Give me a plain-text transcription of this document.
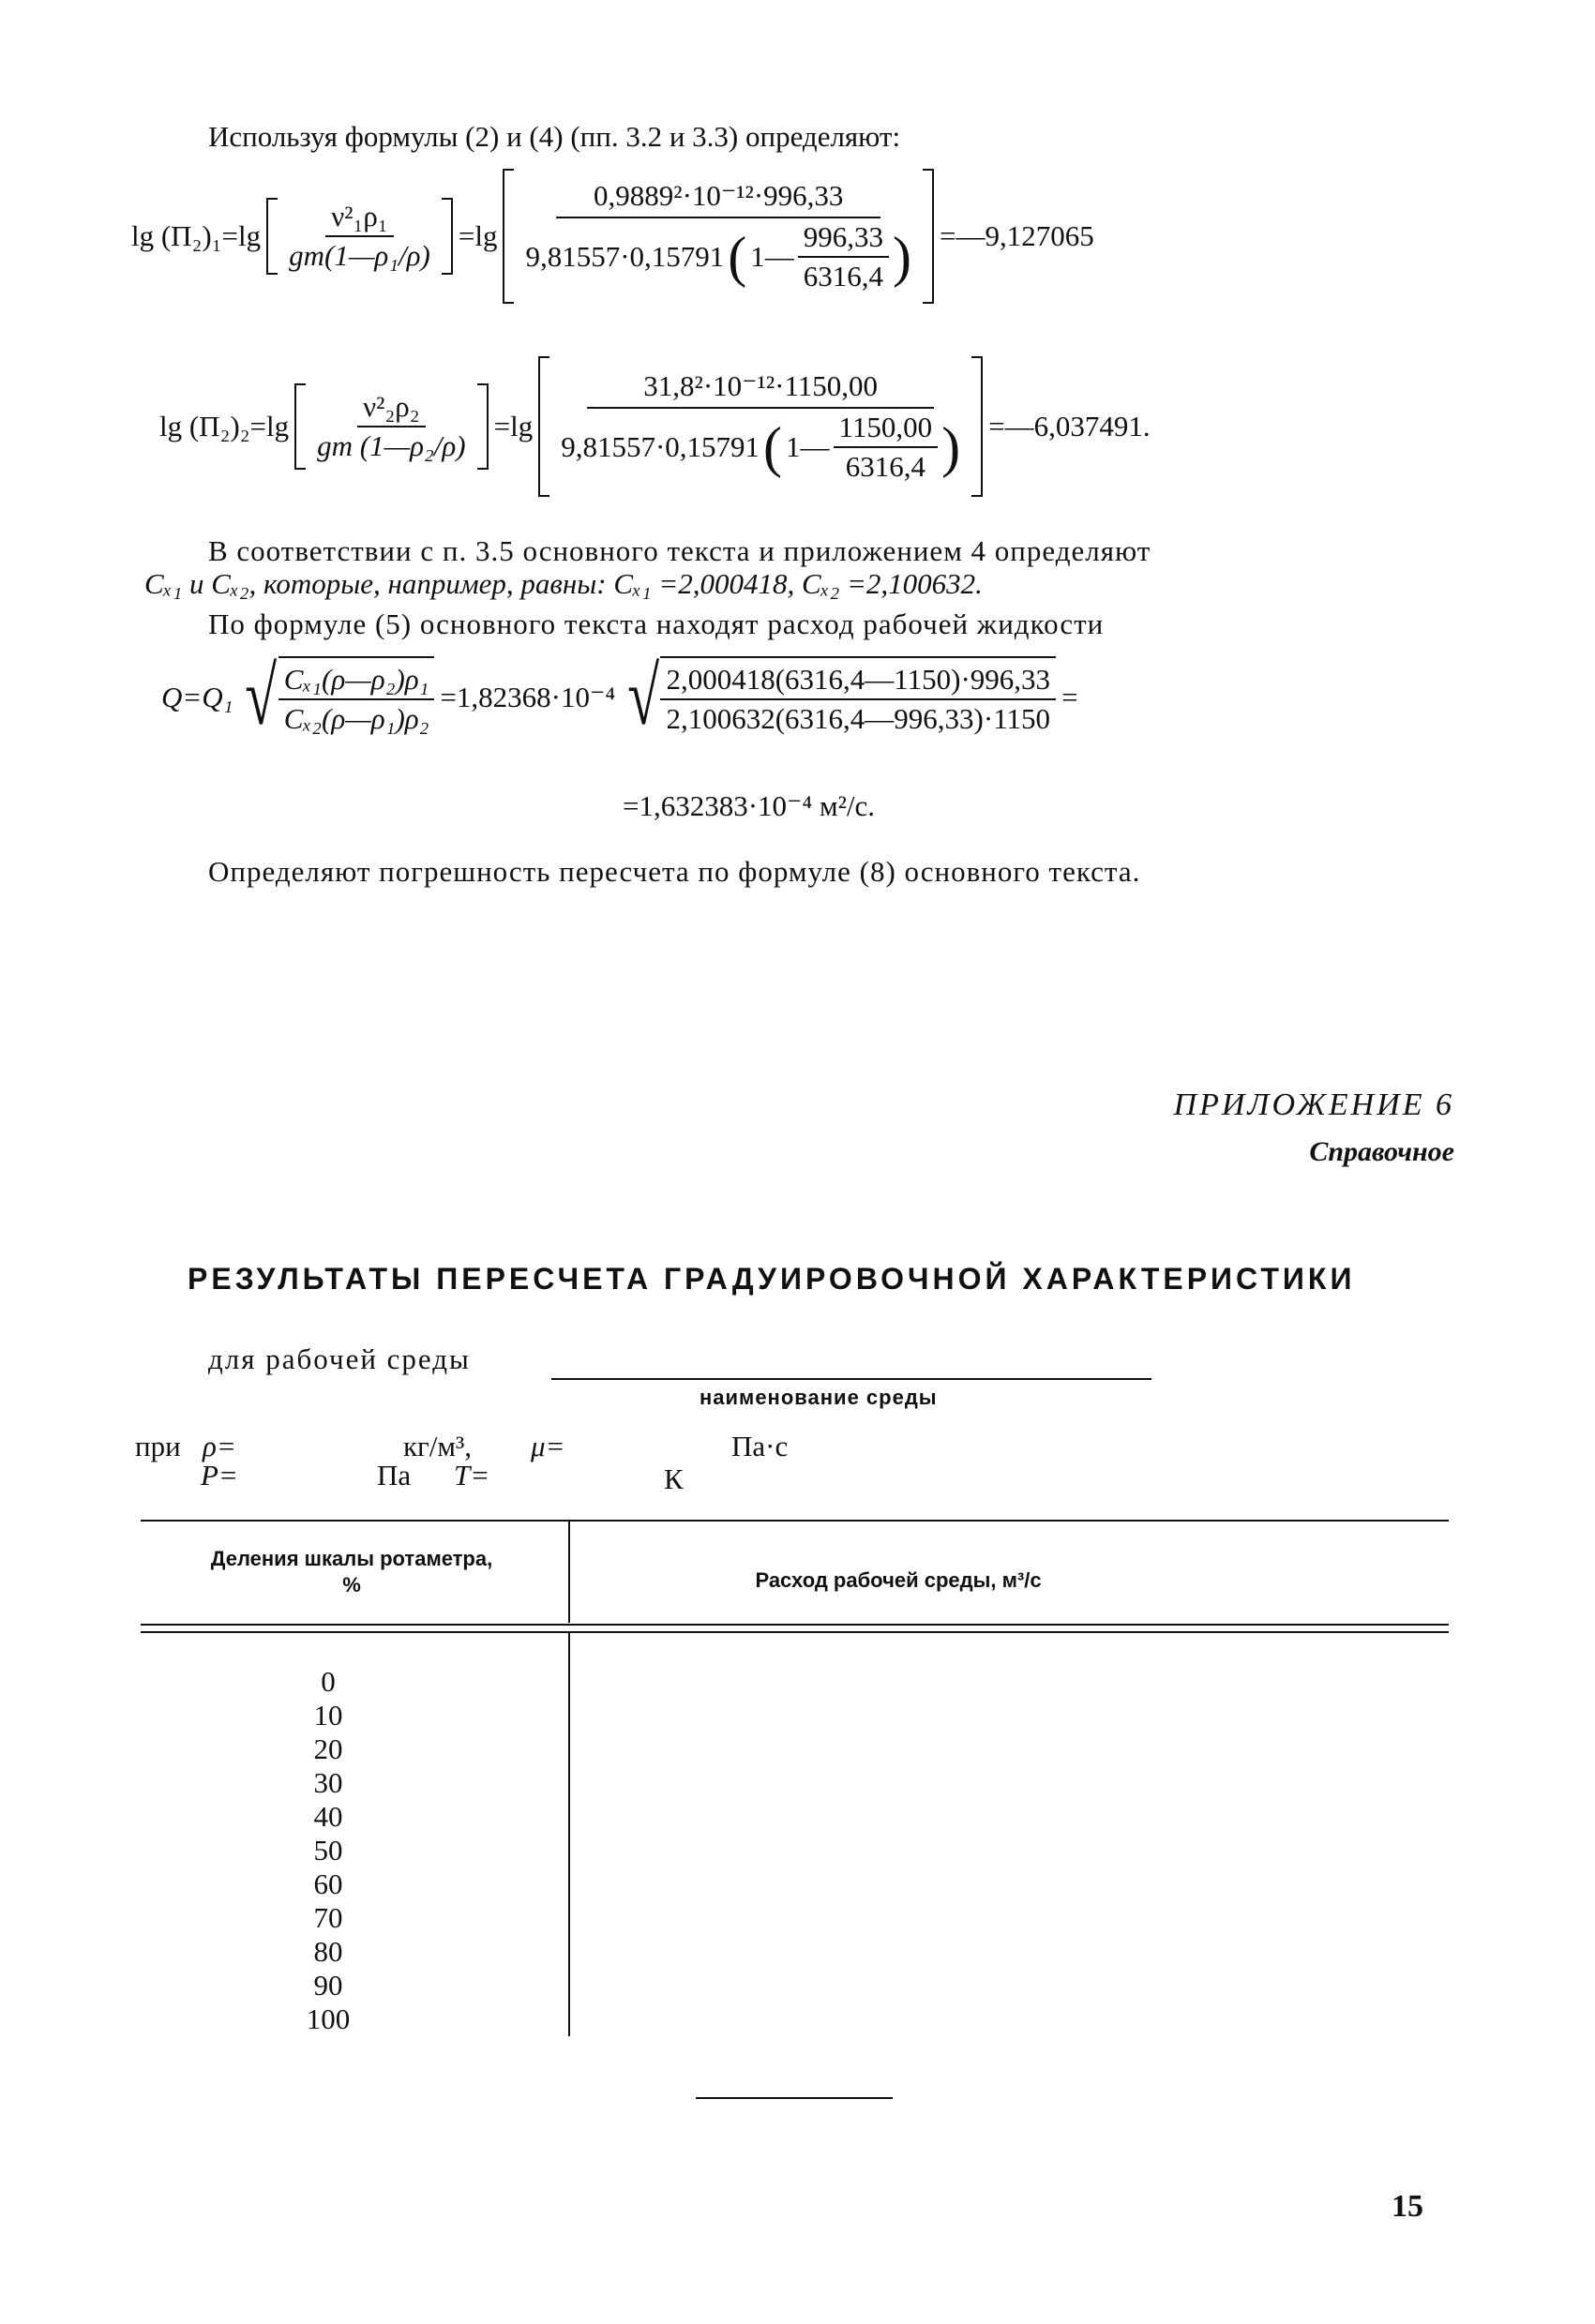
Используя формулы (2) и (4) (пп. 3.2 и 3.3) определяют:
$\lg (\Pi_2)_1=\lg \frac{\text{ν²₁ρ₁}}{\text{gm(1—ρ₁/ρ)}} =\lg$
0,9889²·10⁻¹²·996,33
9,81557·0,15791 ( 1— $\frac{996,33}{6316,4}$ ) =—9,127065
$\lg (\Pi_2)_2=\lg \frac{\text{ν²₂ρ₂}}{\text{gm (1—ρ₂/ρ)}} =\lg$
31,8²·10⁻¹²·1150,00
9,81557·0,15791 ( 1— $\frac{1150,00}{6316,4}$ ) =—6,037491.
В соответствии с п. 3.5 основного текста и приложением 4 определяют
Cₓ₁ и Cₓ₂, которые, например, равны: Cₓ₁ =2,000418, Cₓ₂ =2,100632.
По формуле (5) основного текста находят расход рабочей жидкости
Q=Q₁ √ $\frac{\text{Cₓ₁(ρ—ρ₂)ρ₁}}{\text{Cₓ₂(ρ—ρ₁)ρ₂}} =1,82368\cdot 10^{-4}$ √ $\frac{2,000418(6316,4—1150)\cdot 996,33}{2,100632(6316,4—996,33)\cdot 1150}$ =
=1,632383·10⁻⁴ м²/с.
Определяют погрешность пересчета по формуле (8) основного текста.
ПРИЛОЖЕНИЕ 6
Справочное
РЕЗУЛЬТАТЫ ПЕРЕСЧЕТА ГРАДУИРОВОЧНОЙ ХАРАКТЕРИСТИКИ
для рабочей среды
наименование среды
при ρ=	кг/м³, μ=	Па·с
P=	Па T=	К
Деления шкалы ротаметра,
%	Расход рабочей среды, м³/с
0
10
20
30
40
50
60
70
80
90
100
15
